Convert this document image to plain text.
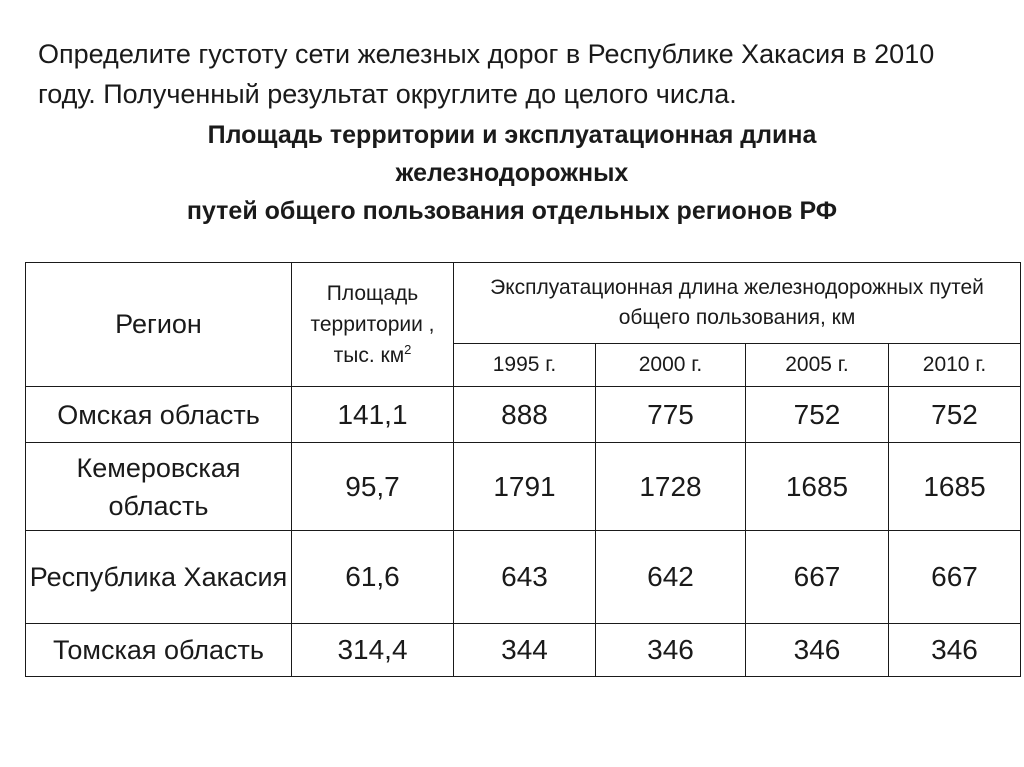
Определите густоту сети железных дорог в Республике Хакасия в 2010 году. Полученный результат округлите до целого числа.

Площадь территории и эксплуатационная длина
железнодорожных
путей общего пользования отдельных регионов РФ
Регион	Площадь территории , тыс. $км^2$	Эксплуатационная длина железнодорожных путей общего пользования, км			
		1995 г.	2000 г.	2005 г.	2010 г.
Омская область	141,1	888	775	752	752
Кемеровская область	95,7	1791	1728	1685	1685
Республика Хакасия	61,6	643	642	667	667
Томская область	314,4	344	346	346	346
